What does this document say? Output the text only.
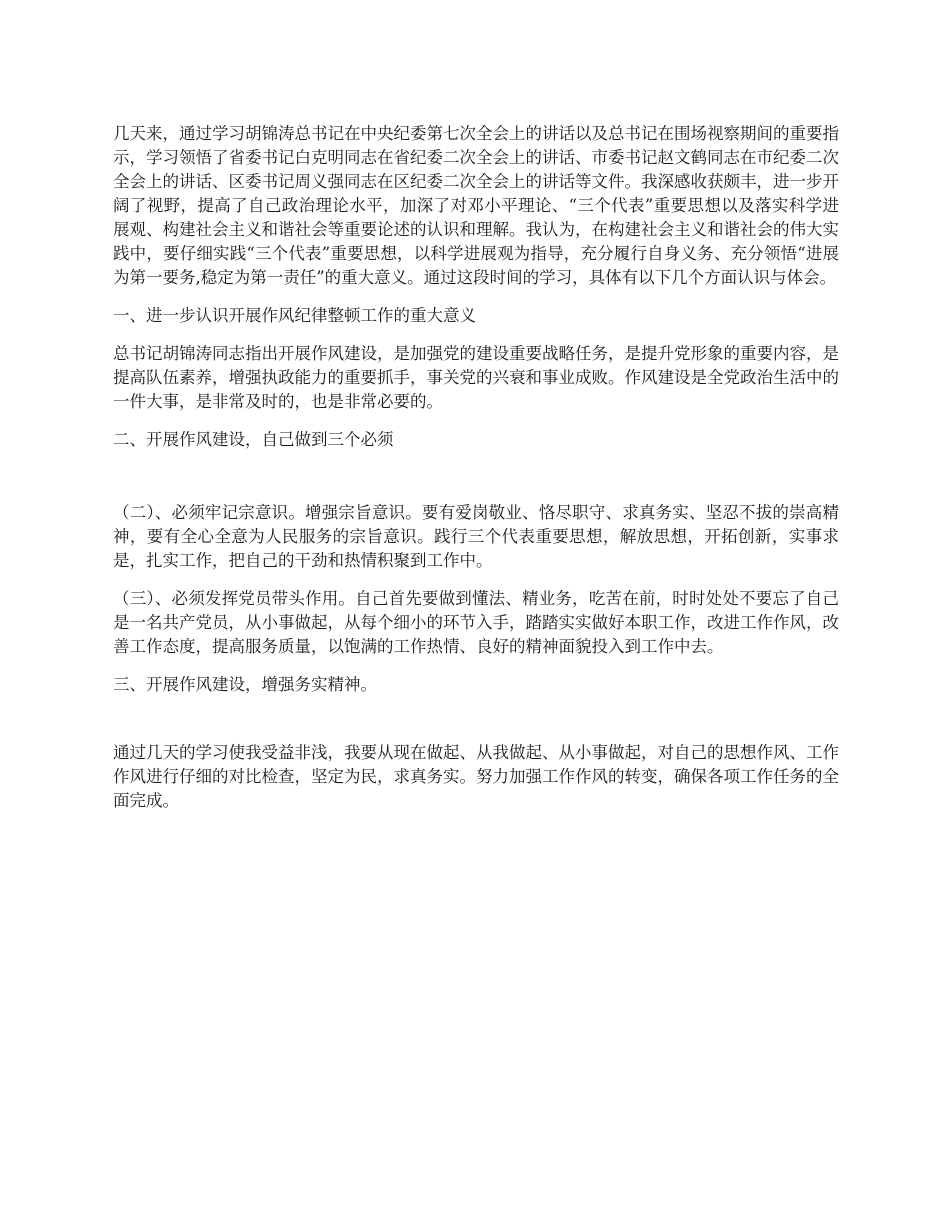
几天来，通过学习胡锦涛总书记在中央纪委第七次全会上的讲话以及总书记在围场视察期间的重要指示，学习领悟了省委书记白克明同志在省纪委二次全会上的讲话、市委书记赵文鹤同志在市纪委二次全会上的讲话、区委书记周义强同志在区纪委二次全会上的讲话等文件。我深感收获颇丰，进一步开阔了视野，提高了自己政治理论水平，加深了对邓小平理论、“三个代表”重要思想以及落实科学进展观、构建社会主义和谐社会等重要论述的认识和理解。我认为，在构建社会主义和谐社会的伟大实践中，要仔细实践“三个代表”重要思想，以科学进展观为指导，充分履行自身义务、充分领悟“进展为第一要务,稳定为第一责任”的重大意义。通过这段时间的学习，具体有以下几个方面认识与体会。

一、进一步认识开展作风纪律整顿工作的重大意义

总书记胡锦涛同志指出开展作风建设，是加强党的建设重要战略任务，是提升党形象的重要内容，是提高队伍素养，增强执政能力的重要抓手，事关党的兴衰和事业成败。作风建设是全党政治生活中的一件大事，是非常及时的，也是非常必要的。

二、开展作风建设，自己做到三个必须

（二）、必须牢记宗意识。增强宗旨意识。要有爱岗敬业、恪尽职守、求真务实、坚忍不拔的崇高精神，要有全心全意为人民服务的宗旨意识。践行三个代表重要思想，解放思想，开拓创新，实事求是，扎实工作，把自己的干劲和热情积聚到工作中。

（三）、必须发挥党员带头作用。自己首先要做到懂法、精业务，吃苦在前，时时处处不要忘了自己是一名共产党员，从小事做起，从每个细小的环节入手，踏踏实实做好本职工作，改进工作作风，改善工作态度，提高服务质量，以饱满的工作热情、良好的精神面貌投入到工作中去。

三、开展作风建设，增强务实精神。

通过几天的学习使我受益非浅，我要从现在做起、从我做起、从小事做起，对自己的思想作风、工作作风进行仔细的对比检查，坚定为民，求真务实。努力加强工作作风的转变，确保各项工作任务的全面完成。
